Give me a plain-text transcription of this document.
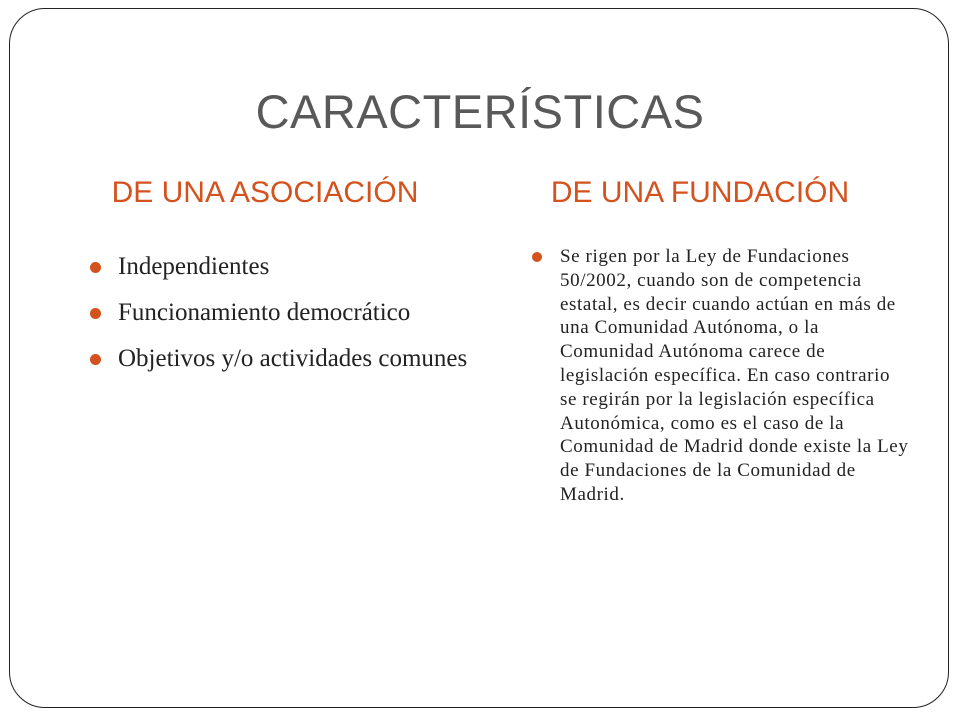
CARACTERÍSTICAS
DE UNA ASOCIACIÓN	DE UNA FUNDACIÓN
Independientes
Funcionamiento democrático
Objetivos y/o actividades comunes
Se rigen por la Ley de Fundaciones 50/2002, cuando son de competencia estatal, es decir cuando actúan en más de una Comunidad Autónoma, o la Comunidad Autónoma carece de legislación específica. En caso contrario se regirán por la legislación específica Autonómica, como es el caso de la Comunidad de Madrid donde existe la Ley de Fundaciones de la Comunidad de Madrid.
